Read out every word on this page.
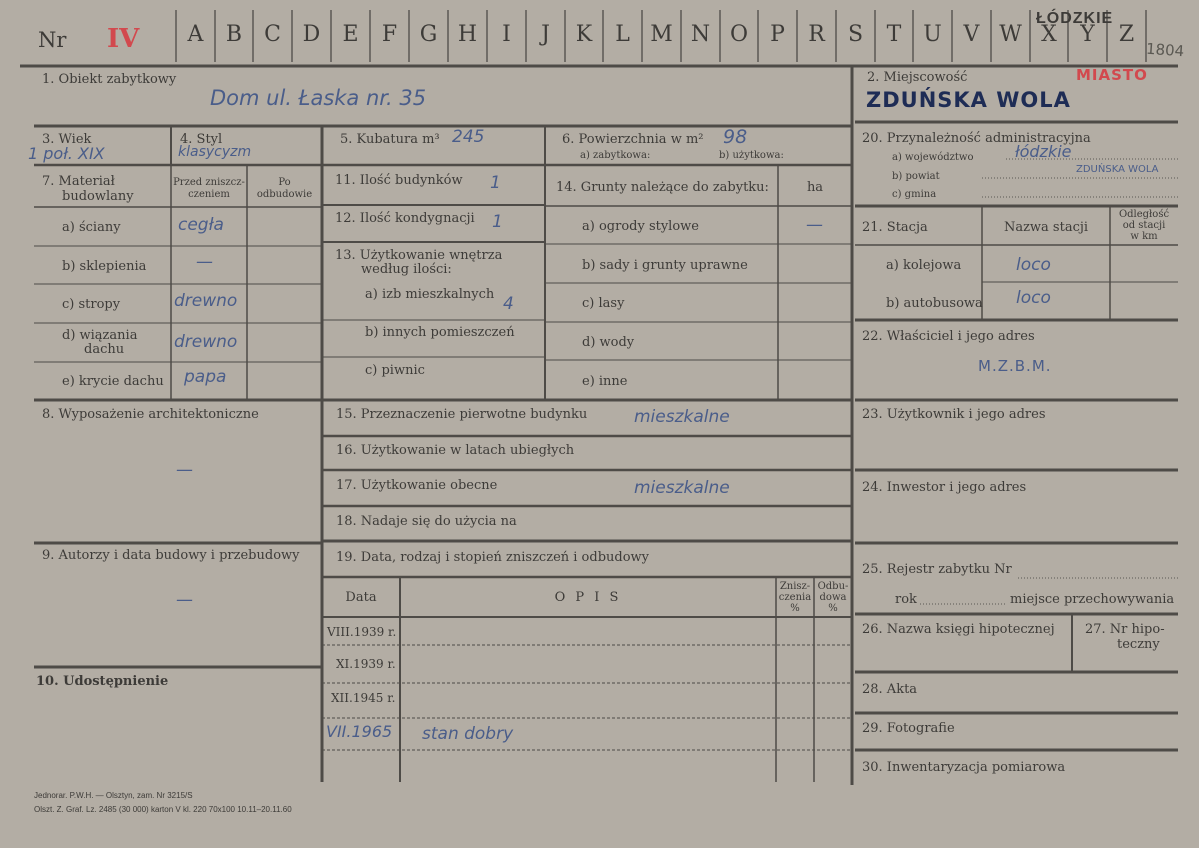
Nr IV	A	B	C D	E	F	G H	I	J	K	L M N O	P	R	S	T U V W X	Y	Z
ŁÓDZKIE
1804
1. Obiekt zabytkowy
Dom ul. Łaska nr. 35
2. Miejscowość	MIASTO
ZDUŃSKA WOLA
3. Wiek
1 poł. XIX
4. Styl
klasycyzm
7. Materiał
budowlany
Przed zniszcz-
czeniem
Po
odbudowie
a) ściany	cegła
b) sklepienia	—
c) stropy	drewno
d) wiązania
dachu	drewno
e) krycie dachu papa
8. Wyposażenie architektoniczne
—
9. Autorzy i data budowy i przebudowy
—
10. Udostępnienie
5. Kubatura m³ 245	6. Powierzchnia w m² 98
a) zabytkowa:	b) użytkowa:
11. Ilość budynków 1
12. Ilość kondygnacji 1
13. Użytkowanie wnętrza
według ilości:
a) izb mieszkalnych 4
b) innych pomieszczeń
c) piwnic
14. Grunty należące do zabytku:	ha
a) ogrody stylowe	—
b) sady i grunty uprawne
c) lasy
d) wody
e) inne
15. Przeznaczenie pierwotne budynku	mieszkalne
16. Użytkowanie w latach ubiegłych
17. Użytkowanie obecne	mieszkalne
18. Nadaje się do użycia na
19. Data, rodzaj i stopień zniszczeń i odbudowy
Data	O P I S
Znisz-
czenia
%
Odbu-
dowa
%
VIII.1939 r.
XI.1939 r.
XII.1945 r.
VII.1965 stan dobry
20. Przynależność administracyjna
a) województwo	łódzkie
b) powiat
ZDUŃSKA WOLA
c) gmina
21. Stacja	Nazwa stacji
Odległość
od stacji
w km
a) kolejowa	loco
b) autobusowa loco
22. Właściciel i jego adres
M.Z.B.M.
23. Użytkownik i jego adres
24. Inwestor i jego adres
25. Rejestr zabytku Nr
rok	miejsce przechowywania
26. Nazwa księgi hipotecznej 27. Nr hipo-
teczny
28. Akta
29. Fotografie
30. Inwentaryzacja pomiarowa
Jednorar. P.W.H. — Olsztyn, zam. Nr 3215/S
Olszt. Z. Graf. Lz. 2485 (30 000) karton V kl. 220 70x100 10.11–20.11.60
